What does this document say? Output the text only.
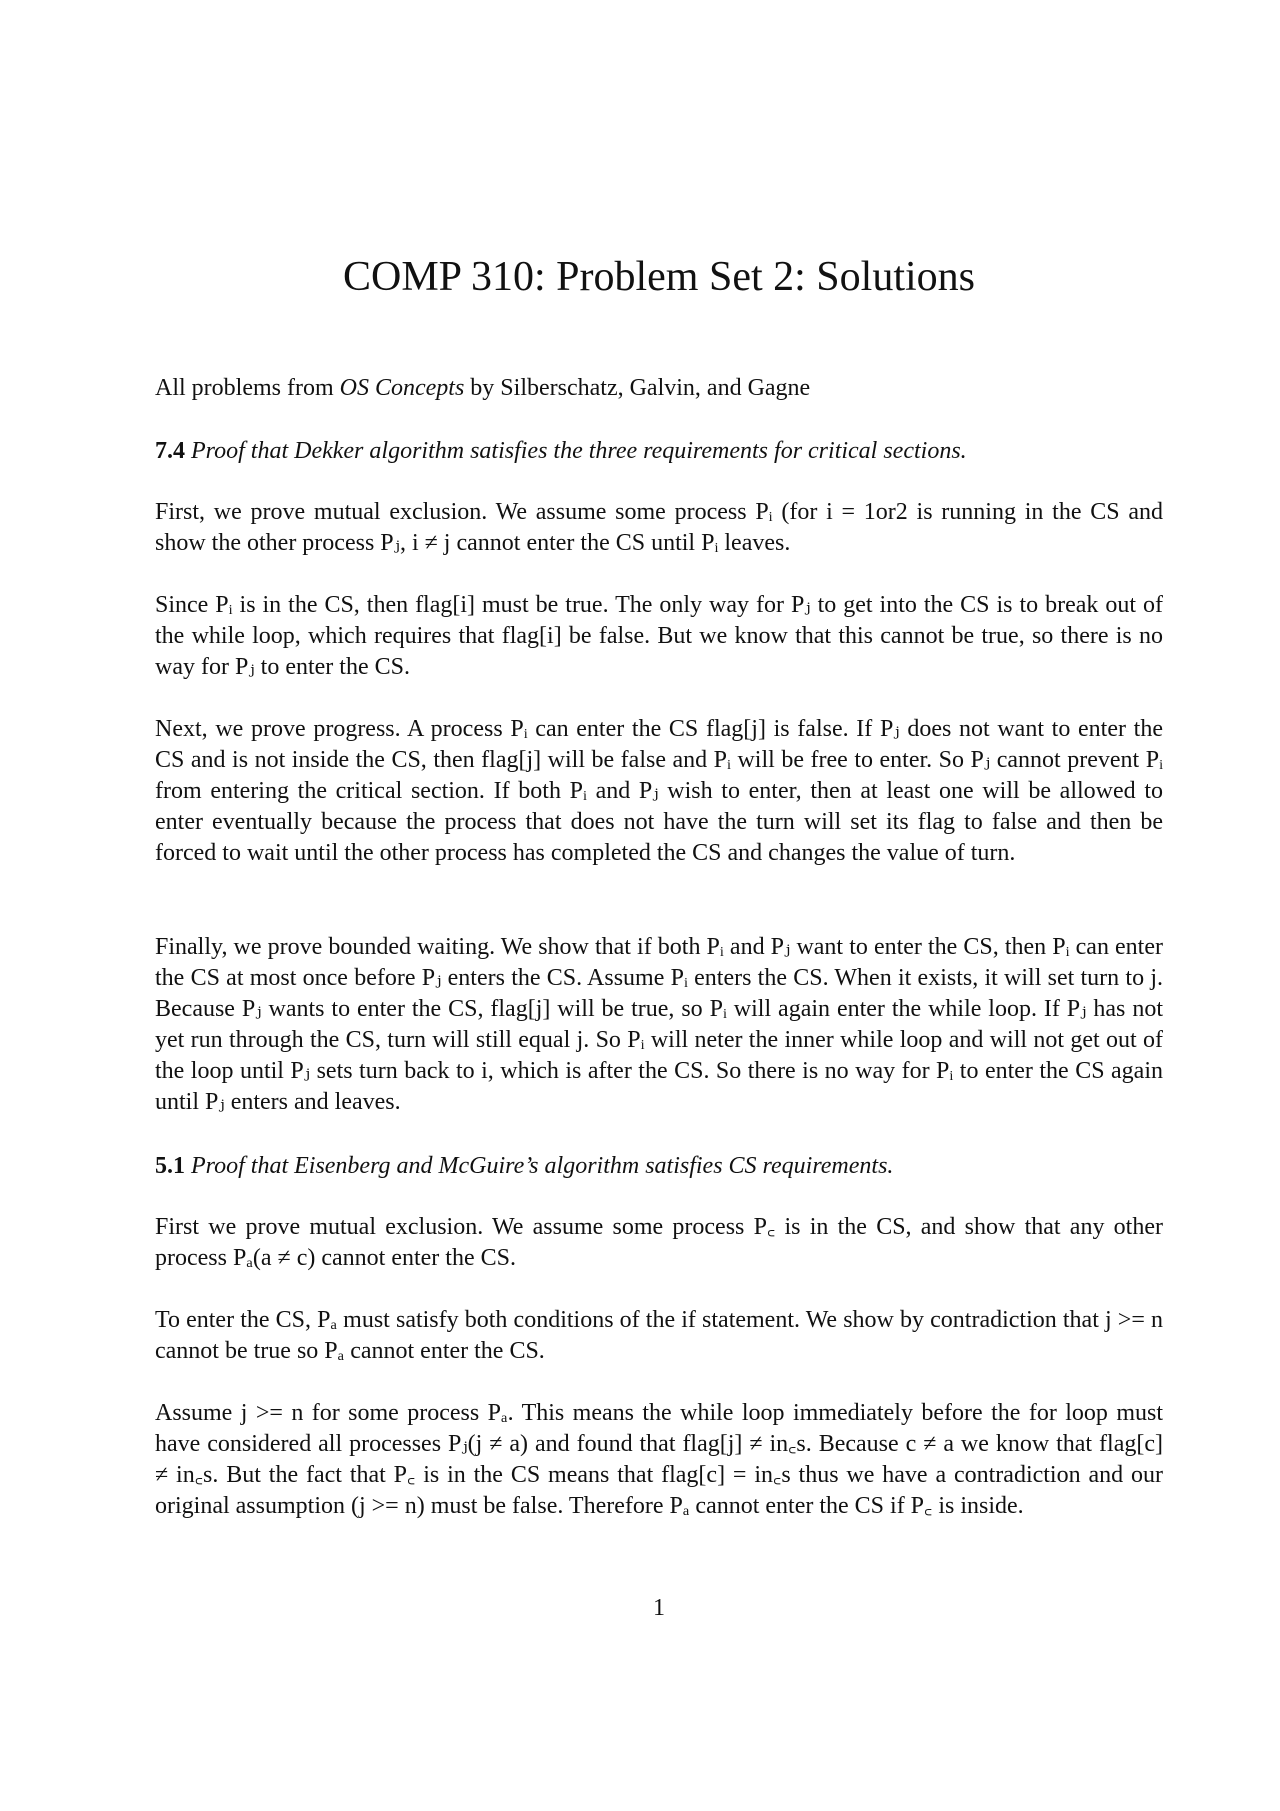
COMP 310: Problem Set 2: Solutions

All problems from OS Concepts by Silberschatz, Galvin, and Gagne

7.4 Proof that Dekker algorithm satisfies the three requirements for critical sections.

First, we prove mutual exclusion. We assume some process Pᵢ (for i = 1or2 is running in the CS and show the other process Pⱼ, i ≠ j cannot enter the CS until Pᵢ leaves.

Since Pᵢ is in the CS, then flag[i] must be true. The only way for Pⱼ to get into the CS is to break out of the while loop, which requires that flag[i] be false. But we know that this cannot be true, so there is no way for Pⱼ to enter the CS.

Next, we prove progress. A process Pᵢ can enter the CS flag[j] is false. If Pⱼ does not want to enter the CS and is not inside the CS, then flag[j] will be false and Pᵢ will be free to enter. So Pⱼ cannot prevent Pᵢ from entering the critical section. If both Pᵢ and Pⱼ wish to enter, then at least one will be allowed to enter eventually because the process that does not have the turn will set its flag to false and then be forced to wait until the other process has completed the CS and changes the value of turn.

Finally, we prove bounded waiting. We show that if both Pᵢ and Pⱼ want to enter the CS, then Pᵢ can enter the CS at most once before Pⱼ enters the CS. Assume Pᵢ enters the CS. When it exists, it will set turn to j. Because Pⱼ wants to enter the CS, flag[j] will be true, so Pᵢ will again enter the while loop. If Pⱼ has not yet run through the CS, turn will still equal j. So Pᵢ will neter the inner while loop and will not get out of the loop until Pⱼ sets turn back to i, which is after the CS. So there is no way for Pᵢ to enter the CS again until Pⱼ enters and leaves.

5.1 Proof that Eisenberg and McGuire’s algorithm satisfies CS requirements.

First we prove mutual exclusion. We assume some process P꜀ is in the CS, and show that any other process Pₐ(a ≠ c) cannot enter the CS.

To enter the CS, Pₐ must satisfy both conditions of the if statement. We show by contradiction that j >= n cannot be true so Pₐ cannot enter the CS.

Assume j >= n for some process Pₐ. This means the while loop immediately before the for loop must have considered all processes Pⱼ(j ≠ a) and found that flag[j] ≠ in꜀s. Because c ≠ a we know that flag[c] ≠ in꜀s. But the fact that P꜀ is in the CS means that flag[c] = in꜀s thus we have a contradiction and our original assumption (j >= n) must be false. Therefore Pₐ cannot enter the CS if P꜀ is inside.

1
